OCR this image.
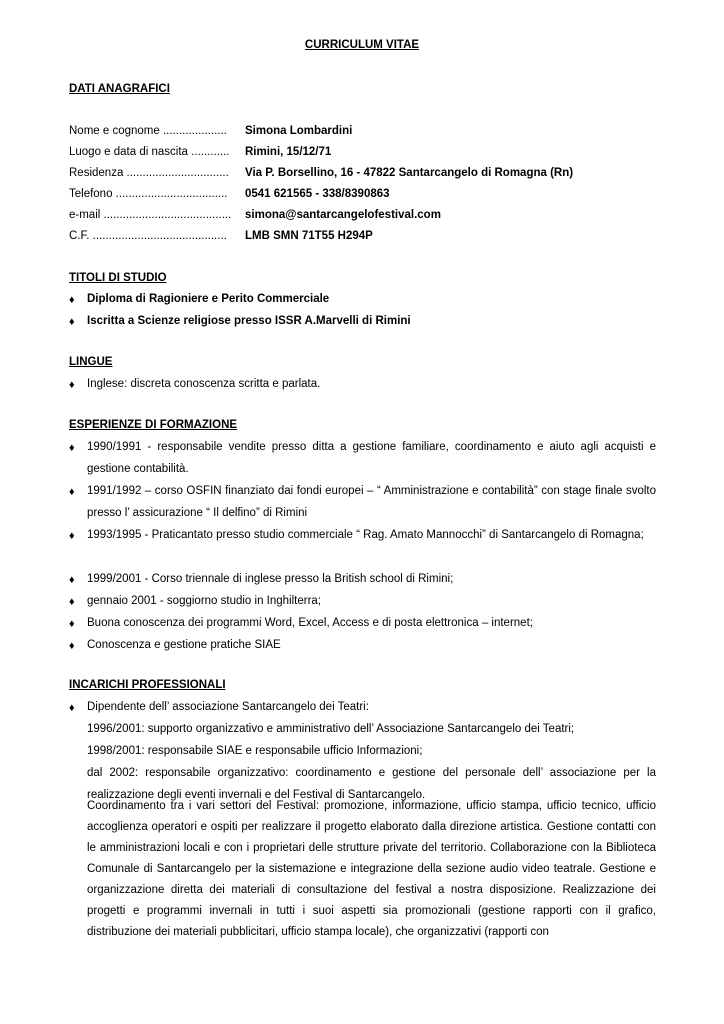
CURRICULUM VITAE
DATI ANAGRAFICI
Nome e cognome .................... Simona Lombardini
Luogo e data di nascita ............ Rimini, 15/12/71
Residenza ................................ Via P. Borsellino, 16 - 47822 Santarcangelo di Romagna (Rn)
Telefono ................................... 0541 621565 - 338/8390863
e-mail ........................................ simona@santarcangelofestival.com
C.F. .......................................... LMB SMN 71T55 H294P
TITOLI DI STUDIO
♦ Diploma di Ragioniere e Perito Commerciale
♦ Iscritta a Scienze religiose presso ISSR A.Marvelli di Rimini
LINGUE
♦ Inglese: discreta conoscenza scritta e parlata.
ESPERIENZE DI FORMAZIONE
♦ 1990/1991 - responsabile vendite presso ditta a gestione familiare, coordinamento e aiuto agli acquisti e gestione contabilità.
♦ 1991/1992 – corso OSFIN finanziato dai fondi europei – “ Amministrazione e contabilità” con stage finale svolto presso l’ assicurazione “ Il delfino” di Rimini
♦ 1993/1995 - Praticantato presso studio commerciale “ Rag. Amato Mannocchi” di Santarcangelo di Romagna;
♦ 1999/2001 - Corso triennale di inglese presso la British school di Rimini;
♦ gennaio 2001 - soggiorno studio in Inghilterra;
♦ Buona conoscenza dei programmi Word, Excel, Access e di posta elettronica – internet;
♦ Conoscenza e gestione pratiche SIAE
INCARICHI PROFESSIONALI
♦ Dipendente dell’ associazione Santarcangelo dei Teatri:
1996/2001: supporto organizzativo e amministrativo dell’ Associazione Santarcangelo dei Teatri;
1998/2001: responsabile SIAE e responsabile ufficio Informazioni;
dal 2002: responsabile organizzativo: coordinamento e gestione del personale dell’ associazione per la realizzazione degli eventi invernali e del Festival di Santarcangelo.
Coordinamento tra i vari settori del Festival: promozione, informazione, ufficio stampa, ufficio tecnico, ufficio accoglienza operatori e ospiti per realizzare il progetto elaborato dalla direzione artistica. Gestione contatti con le amministrazioni locali e con i proprietari delle strutture private del territorio. Collaborazione con la Biblioteca Comunale di Santarcangelo per la sistemazione e integrazione della sezione audio video teatrale. Gestione e organizzazione diretta dei materiali di consultazione del festival a nostra disposizione. Realizzazione dei progetti e programmi invernali in tutti i suoi aspetti sia promozionali (gestione rapporti con il grafico, distribuzione dei materiali pubblicitari, ufficio stampa locale), che organizzativi (rapporti con
